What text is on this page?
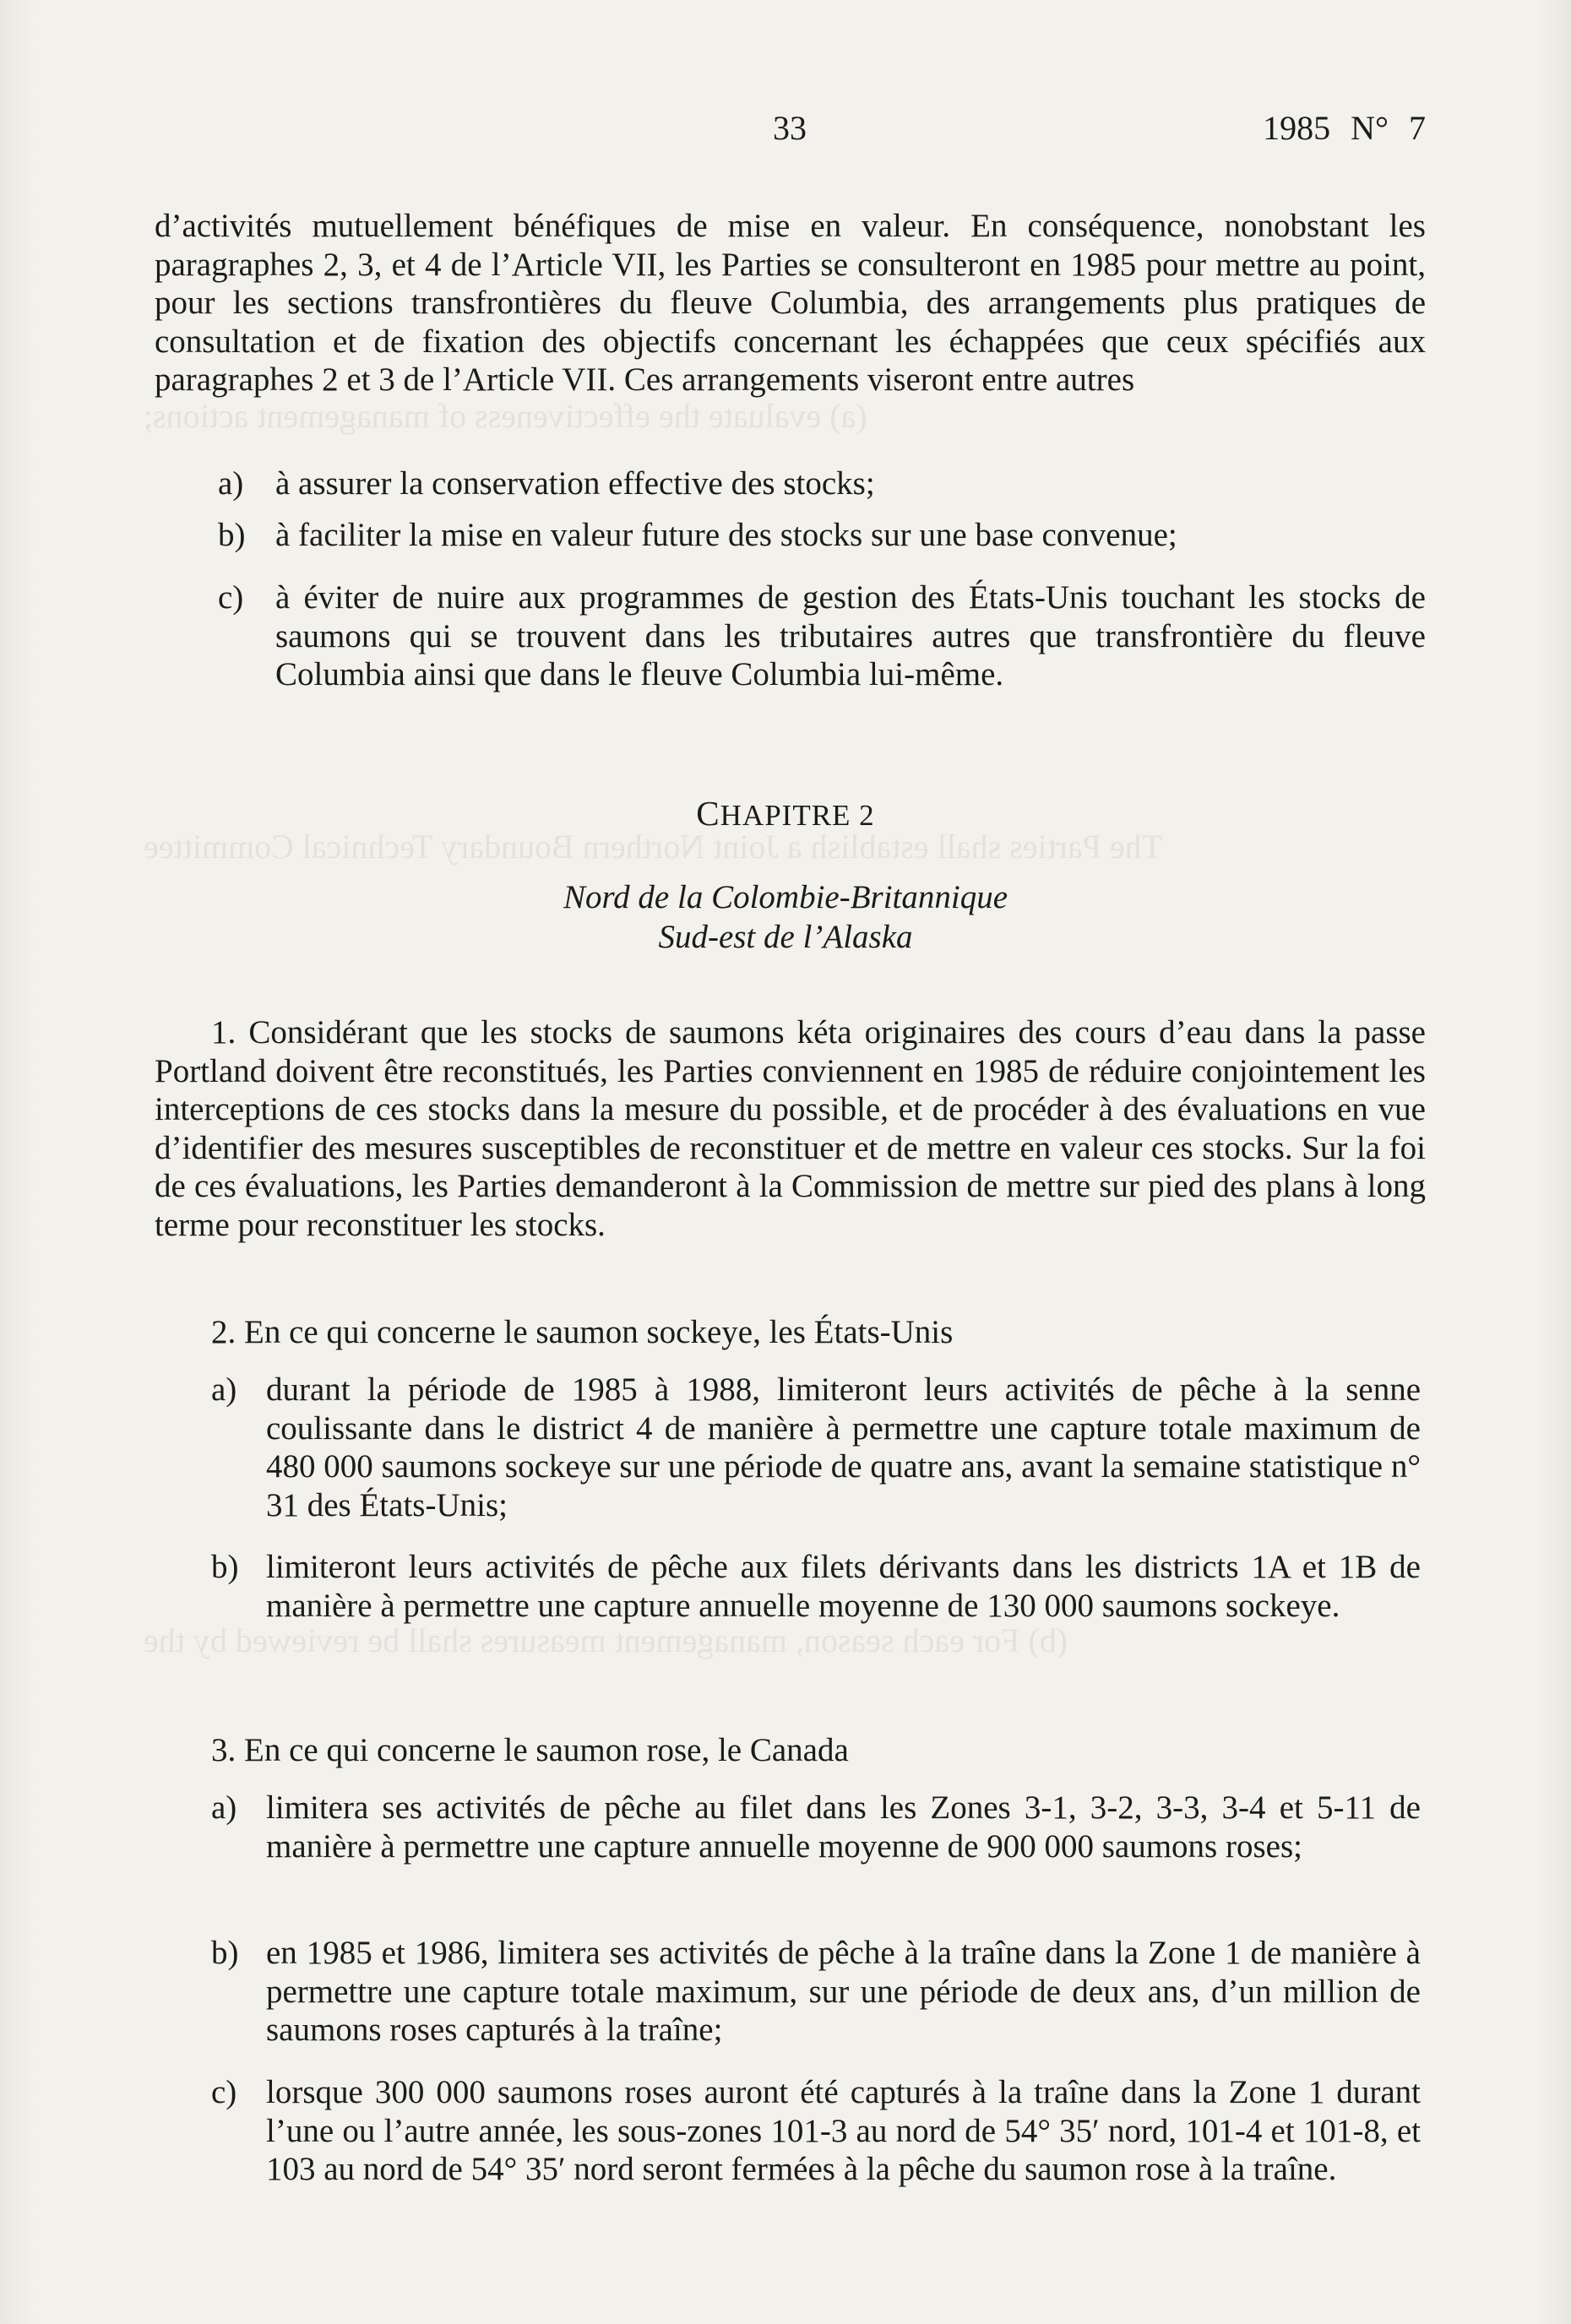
(a) evaluate the effectiveness of management actions;
The Parties shall establish a Joint Northern Boundary Technical Committee
(b) For each season, management measures shall be reviewed by the
33	1985 N° 7

d’activités mutuellement bénéfiques de mise en valeur. En conséquence, nonobstant les paragraphes 2, 3, et 4 de l’Article VII, les Parties se consulteront en 1985 pour mettre au point, pour les sections transfrontières du fleuve Columbia, des arrangements plus pratiques de consultation et de fixation des objectifs concernant les échappées que ceux spécifiés aux paragraphes 2 et 3 de l’Article VII. Ces arrangements viseront entre autres

a) à assurer la conservation effective des stocks;
b) à faciliter la mise en valeur future des stocks sur une base convenue;
c) à éviter de nuire aux programmes de gestion des États-Unis touchant les stocks de saumons qui se trouvent dans les tributaires autres que transfrontière du fleuve Columbia ainsi que dans le fleuve Columbia lui-même.
CHAPITRE 2
Nord de la Colombie-Britannique
Sud-est de l’Alaska

1. Considérant que les stocks de saumons kéta originaires des cours d’eau dans la passe Portland doivent être reconstitués, les Parties conviennent en 1985 de réduire conjointement les interceptions de ces stocks dans la mesure du possible, et de procéder à des évaluations en vue d’identifier des mesures susceptibles de reconstituer et de mettre en valeur ces stocks. Sur la foi de ces évaluations, les Parties demanderont à la Commission de mettre sur pied des plans à long terme pour reconstituer les stocks.

2. En ce qui concerne le saumon sockeye, les États-Unis
a) durant la période de 1985 à 1988, limiteront leurs activités de pêche à la senne coulissante dans le district 4 de manière à permettre une capture totale maximum de 480 000 saumons sockeye sur une période de quatre ans, avant la semaine statistique n° 31 des États-Unis;
b) limiteront leurs activités de pêche aux filets dérivants dans les districts 1A et 1B de manière à permettre une capture annuelle moyenne de 130 000 saumons sockeye.
3. En ce qui concerne le saumon rose, le Canada
a) limitera ses activités de pêche au filet dans les Zones 3-1, 3-2, 3-3, 3-4 et 5-11 de manière à permettre une capture annuelle moyenne de 900 000 saumons roses;
b) en 1985 et 1986, limitera ses activités de pêche à la traîne dans la Zone 1 de manière à permettre une capture totale maximum, sur une période de deux ans, d’un million de saumons roses capturés à la traîne;
c) lorsque 300 000 saumons roses auront été capturés à la traîne dans la Zone 1 durant l’une ou l’autre année, les sous-zones 101-3 au nord de 54° 35′ nord, 101-4 et 101-8, et 103 au nord de 54° 35′ nord seront fermées à la pêche du saumon rose à la traîne.
